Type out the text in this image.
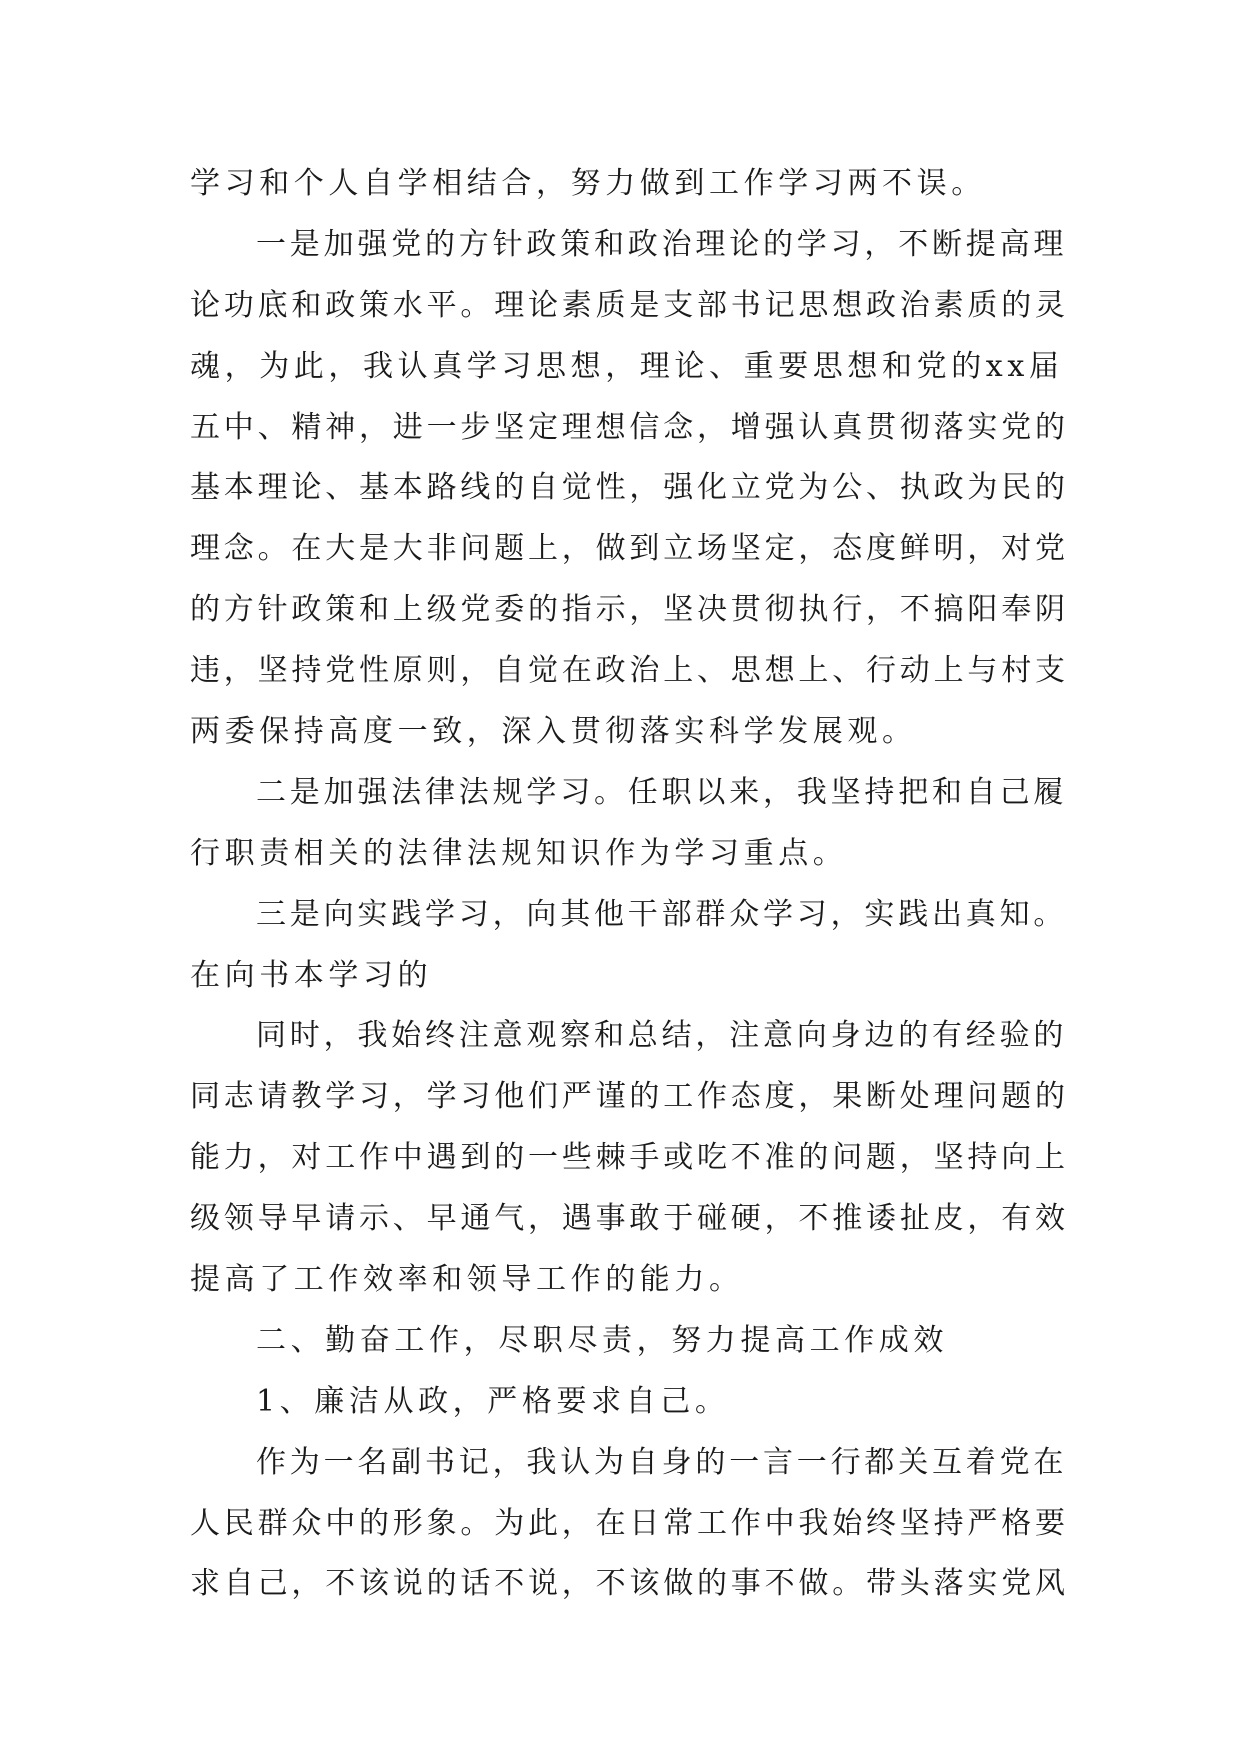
学习和个人自学相结合，努力做到工作学习两不误。
一是加强党的方针政策和政治理论的学习，不断提高理
论功底和政策水平。理论素质是支部书记思想政治素质的灵
魂，为此，我认真学习思想，理论、重要思想和党的xx届
五中、精神，进一步坚定理想信念，增强认真贯彻落实党的
基本理论、基本路线的自觉性，强化立党为公、执政为民的
理念。在大是大非问题上，做到立场坚定，态度鲜明，对党
的方针政策和上级党委的指示，坚决贯彻执行，不搞阳奉阴
违，坚持党性原则，自觉在政治上、思想上、行动上与村支
两委保持高度一致，深入贯彻落实科学发展观。
二是加强法律法规学习。任职以来，我坚持把和自己履
行职责相关的法律法规知识作为学习重点。
三是向实践学习，向其他干部群众学习，实践出真知。
在向书本学习的
同时，我始终注意观察和总结，注意向身边的有经验的
同志请教学习，学习他们严谨的工作态度，果断处理问题的
能力，对工作中遇到的一些棘手或吃不准的问题，坚持向上
级领导早请示、早通气，遇事敢于碰硬，不推诿扯皮，有效
提高了工作效率和领导工作的能力。
二、勤奋工作，尽职尽责，努力提高工作成效
1、廉洁从政，严格要求自己。
作为一名副书记，我认为自身的一言一行都关互着党在
人民群众中的形象。为此，在日常工作中我始终坚持严格要
求自己，不该说的话不说，不该做的事不做。带头落实党风
